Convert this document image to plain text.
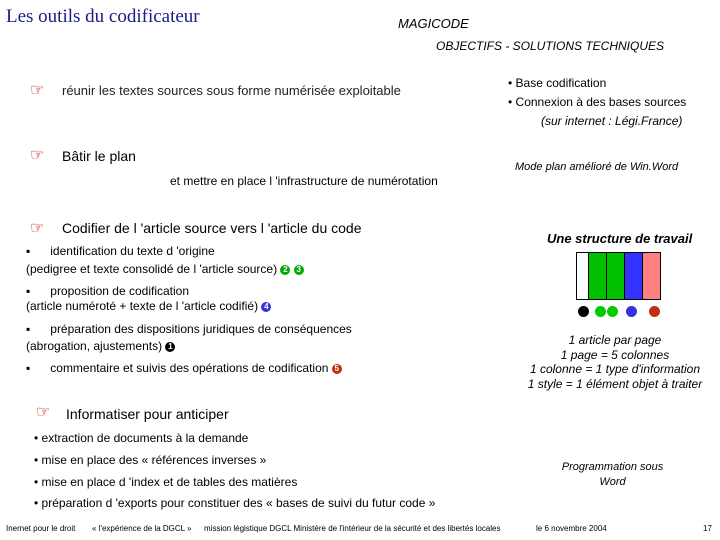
Les outils du codificateur	MAGICODE
OBJECTIFS - SOLUTIONS TECHNIQUES
☞ réunir les textes sources sous forme numérisée exploitable
☞ Bâtir le plan
et mettre en place l 'infrastructure de numérotation
☞ Codifier de l 'article source vers l 'article du code
▪      identification du texte d 'origine
(pedigree et texte consolidé de l 'article source) 2 3
▪      proposition de codification
(article numéroté + texte de l 'article codifié) 4
▪      préparation des dispositions juridiques de conséquences
(abrogation, ajustements) 1
▪      commentaire et suivis des opérations de codification 5
☞ Informatiser pour anticiper
• extraction de documents à la demande
• mise en place des « références inverses »
• mise en place d 'index et de tables des matières
• préparation d 'exports pour constituer des « bases de suivi du futur code »
• Base codification
• Connexion à des bases sources
(sur internet : Légi.France)
Mode plan amélioré de Win.Word
Une structure de travail
1 article par page
1 page = 5 colonnes
1 colonne = 1 type d'information
1 style = 1 élément objet à traiter
Programmation sous
Word
Inernet pour le droit « l'expérience de la DGCL » mission légistique DGCL Ministère de l'intérieur de la sécurité et des libertés locales	le 6 novembre 2004	17
